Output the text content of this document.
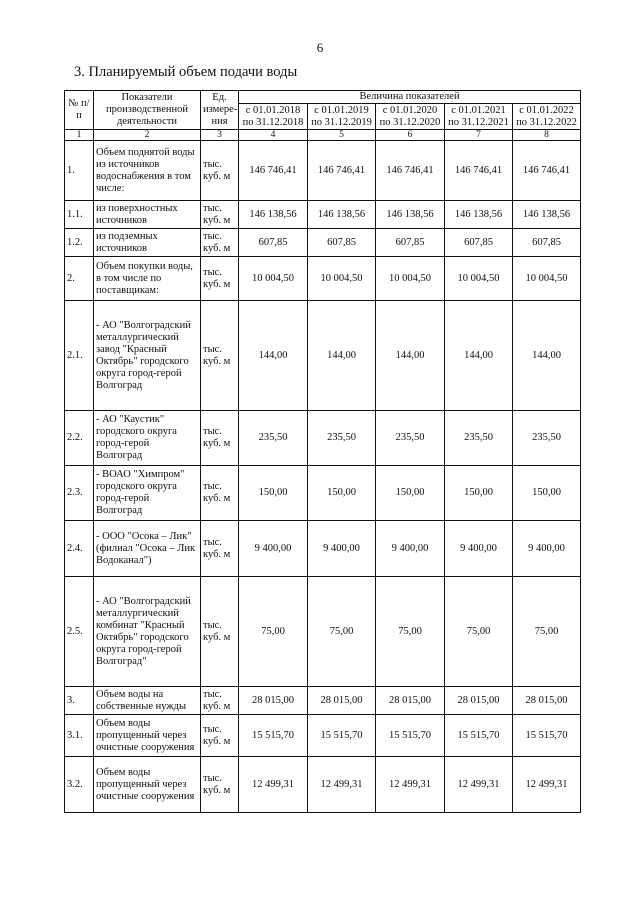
6
3. Планируемый объем подачи воды
№ п/п	Показатели производственной деятельности	Ед. измере-ния	Величина показателей				
			с 01.01.2018 по 31.12.2018	с 01.01.2019 по 31.12.2019	с 01.01.2020 по 31.12.2020	с 01.01.2021 по 31.12.2021	с 01.01.2022 по 31.12.2022
1	2	3	4	5	6	7	8
1.	Объем поднятой воды из источников водоснабжения в том числе:	тыс. куб. м	146 746,41	146 746,41	146 746,41	146 746,41	146 746,41
1.1.	из поверхностных источников	тыс. куб. м	146 138,56	146 138,56	146 138,56	146 138,56	146 138,56
1.2.	из подземных источников	тыс. куб. м	607,85	607,85	607,85	607,85	607,85
2.	Объем покупки воды, в том числе по поставщикам:	тыс. куб. м	10 004,50	10 004,50	10 004,50	10 004,50	10 004,50
2.1.	- АО "Волгоградский металлургический завод "Красный Октябрь" городского округа город-герой Волгоград	тыс. куб. м	144,00	144,00	144,00	144,00	144,00
2.2.	- АО "Каустик" городского округа город-герой Волгоград	тыс. куб. м	235,50	235,50	235,50	235,50	235,50
2.3.	- ВОАО "Химпром" городского округа город-герой Волгоград	тыс. куб. м	150,00	150,00	150,00	150,00	150,00
2.4.	- ООО "Осока – Лик" (филиал "Осока – Лик Водоканал")	тыс. куб. м	9 400,00	9 400,00	9 400,00	9 400,00	9 400,00
2.5.	- АО "Волгоградский металлургический комбинат "Красный Октябрь" городского округа город-герой Волгоград"	тыс. куб. м	75,00	75,00	75,00	75,00	75,00
3.	Объем воды на собственные нужды	тыс. куб. м	28 015,00	28 015,00	28 015,00	28 015,00	28 015,00
3.1.	Объем воды пропущенный через очистные сооружения	тыс. куб. м	15 515,70	15 515,70	15 515,70	15 515,70	15 515,70
3.2.	Объем воды пропущенный через очистные сооружения	тыс. куб. м	12 499,31	12 499,31	12 499,31	12 499,31	12 499,31
